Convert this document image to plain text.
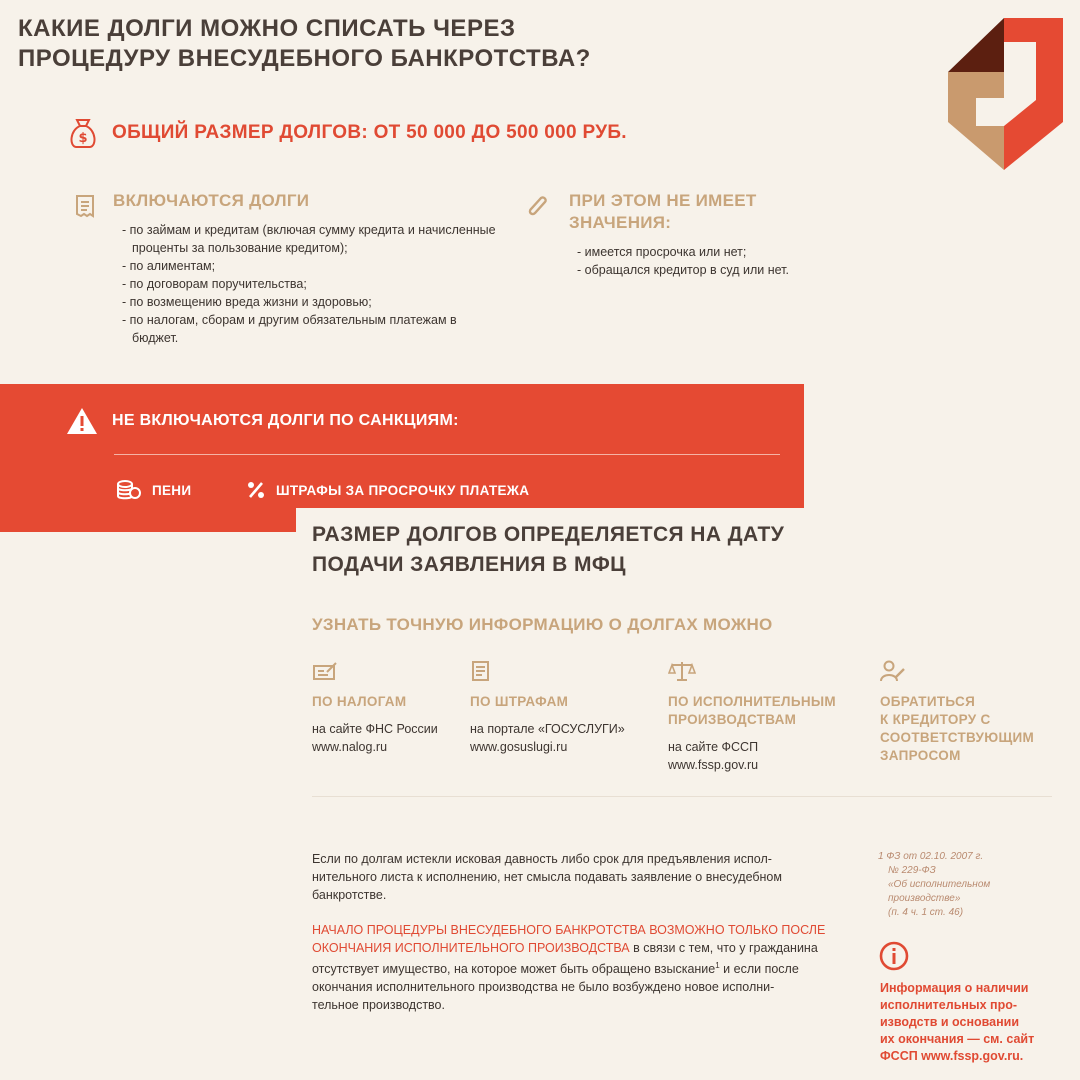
КАКИЕ ДОЛГИ МОЖНО СПИСАТЬ ЧЕРЕЗ
ПРОЦЕДУРУ ВНЕСУДЕБНОГО БАНКРОТСТВА?
$ ОБЩИЙ РАЗМЕР ДОЛГОВ: ОТ 50 000 ДО 500 000 РУБ.
ВКЛЮЧАЮТСЯ ДОЛГИ
- по займам и кредитам (включая сумму кредита и начисленные проценты за пользование кредитом);
- по алиментам;
- по договорам поручительства;
- по возмещению вреда жизни и здоровью;
- по налогам, сборам и другим обязательным платежам в бюджет.
ПРИ ЭТОМ НЕ ИМЕЕТ
ЗНАЧЕНИЯ:
- имеется просрочка или нет;
- обращался кредитор в суд или нет.
НЕ ВКЛЮЧАЮТСЯ ДОЛГИ ПО САНКЦИЯМ:
ПЕНИ	ШТРАФЫ ЗА ПРОСРОЧКУ ПЛАТЕЖА
РАЗМЕР ДОЛГОВ ОПРЕДЕЛЯЕТСЯ НА ДАТУ
ПОДАЧИ ЗАЯВЛЕНИЯ В МФЦ
УЗНАТЬ ТОЧНУЮ ИНФОРМАЦИЮ О ДОЛГАХ МОЖНО
ПО НАЛОГАМ
на сайте ФНС России
www.nalog.ru
ПО ШТРАФАМ
на портале «ГОСУСЛУГИ»
www.gosuslugi.ru
ПО ИСПОЛНИТЕЛЬНЫМ
ПРОИЗВОДСТВАМ
на сайте ФССП
www.fssp.gov.ru
ОБРАТИТЬСЯ
К КРЕДИТОРУ С
СООТВЕТСТВУЮЩИМ
ЗАПРОСОМ
Если по долгам истекли исковая давность либо срок для предъявления испол-
нительного листа к исполнению, нет смысла подавать заявление о внесудебном
банкротстве.
НАЧАЛО ПРОЦЕДУРЫ ВНЕСУДЕБНОГО БАНКРОТСТВА ВОЗМОЖНО ТОЛЬКО ПОСЛЕ
ОКОНЧАНИЯ ИСПОЛНИТЕЛЬНОГО ПРОИЗВОДСТВА в связи с тем, что у гражданина
отсутствует имущество, на которое может быть обращено взыскание$^1$ и если после
окончания исполнительного производства не было возбуждено новое исполни-
тельное производство.
1 ФЗ от 02.10. 2007 г.
№ 229-ФЗ
«Об исполнительном
производстве»
(п. 4 ч. 1 ст. 46)
Информация о наличии
исполнительных про-
изводств и основании
их окончания — см. сайт
ФССП www.fssp.gov.ru.
